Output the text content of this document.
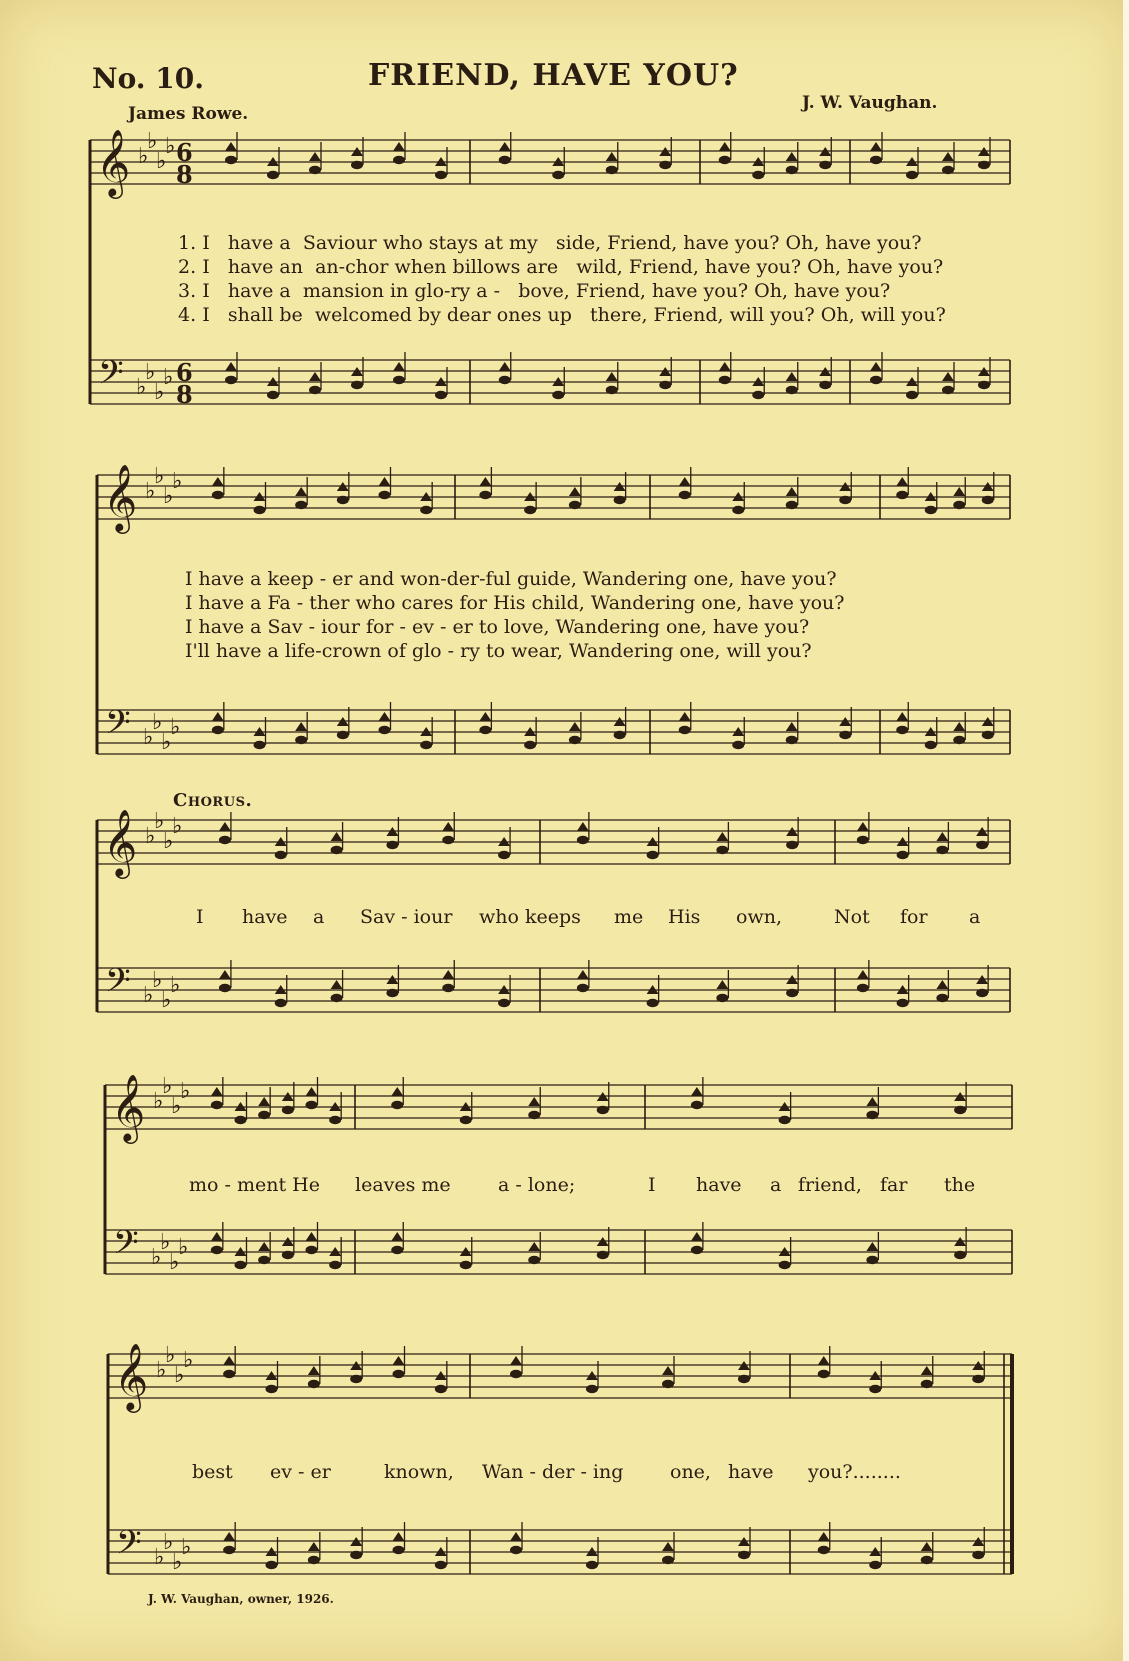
No. 10.	FRIEND, HAVE YOU?
James Rowe.
J. W. Vaughan.
𝄞
𝄢
♭
♭
♭
♭
♭
♭
♭
♭
6
8
6
8
𝄞
𝄢
♭
♭
♭
♭
♭
♭
♭
♭
𝄞
𝄢
♭
♭
♭
♭
♭
♭
♭
♭
𝄞
𝄢
♭
♭
♭
♭
♭
♭
♭
♭
𝄞
𝄢
♭
♭
♭
♭
♭
♭
♭
♭
1. I have a Saviour who stays at my side, Friend, have you? Oh, have you?
2. I have an an-chor when billows are wild, Friend, have you? Oh, have you?
3. I have a mansion in glo-ry a - bove, Friend, have you? Oh, have you?
4. I shall be welcomed by dear ones up there, Friend, will you? Oh, will you?
I have a keep - er and won-der-ful guide, Wandering one, have you?
I have a Fa - ther who cares for His child, Wandering one, have you?
I have a Sav - iour for - ev - er to love, Wandering one, have you?
I'll have a life-crown of glo - ry to wear, Wandering one, will you?
Chorus.
I have a Sav - iour who keeps me His own,	Not for a
mo - ment He leaves me a - lone;	I have a friend, far the
best ev - er	known, Wan - der - ing one, have you?........
J. W. Vaughan, owner, 1926.
